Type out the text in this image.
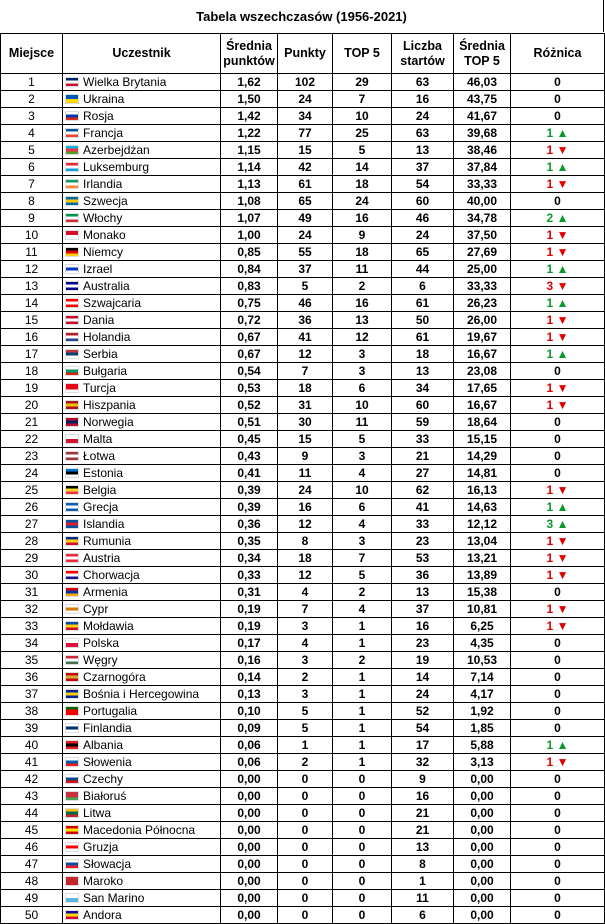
Tabela wszechczasów (1956-2021)
Miejsce	Uczestnik	Średnia punktów	Punkty	TOP 5	Liczba startów	Średnia TOP 5	Różnica
1	Wielka Brytania	1,62	102	29	63	46,03	0
2	Ukraina	1,50	24	7	16	43,75	0
3	Rosja	1,42	34	10	24	41,67	0
4	Francja	1,22	77	25	63	39,68	1 ▲
5	Azerbejdżan	1,15	15	5	13	38,46	1 ▼
6	Luksemburg	1,14	42	14	37	37,84	1 ▲
7	Irlandia	1,13	61	18	54	33,33	1 ▼
8	Szwecja	1,08	65	24	60	40,00	0
9	Włochy	1,07	49	16	46	34,78	2 ▲
10	Monako	1,00	24	9	24	37,50	1 ▼
11	Niemcy	0,85	55	18	65	27,69	1 ▼
12	Izrael	0,84	37	11	44	25,00	1 ▲
13	Australia	0,83	5	2	6	33,33	3 ▼
14	Szwajcaria	0,75	46	16	61	26,23	1 ▲
15	Dania	0,72	36	13	50	26,00	1 ▼
16	Holandia	0,67	41	12	61	19,67	1 ▼
17	Serbia	0,67	12	3	18	16,67	1 ▲
18	Bułgaria	0,54	7	3	13	23,08	0
19	Turcja	0,53	18	6	34	17,65	1 ▼
20	Hiszpania	0,52	31	10	60	16,67	1 ▼
21	Norwegia	0,51	30	11	59	18,64	0
22	Malta	0,45	15	5	33	15,15	0
23	Łotwa	0,43	9	3	21	14,29	0
24	Estonia	0,41	11	4	27	14,81	0
25	Belgia	0,39	24	10	62	16,13	1 ▼
26	Grecja	0,39	16	6	41	14,63	1 ▲
27	Islandia	0,36	12	4	33	12,12	3 ▲
28	Rumunia	0,35	8	3	23	13,04	1 ▼
29	Austria	0,34	18	7	53	13,21	1 ▼
30	Chorwacja	0,33	12	5	36	13,89	1 ▼
31	Armenia	0,31	4	2	13	15,38	0
32	Cypr	0,19	7	4	37	10,81	1 ▼
33	Mołdawia	0,19	3	1	16	6,25	1 ▼
34	Polska	0,17	4	1	23	4,35	0
35	Węgry	0,16	3	2	19	10,53	0
36	Czarnogóra	0,14	2	1	14	7,14	0
37	Bośnia i Hercegowina	0,13	3	1	24	4,17	0
38	Portugalia	0,10	5	1	52	1,92	0
39	Finlandia	0,09	5	1	54	1,85	0
40	Albania	0,06	1	1	17	5,88	1 ▲
41	Słowenia	0,06	2	1	32	3,13	1 ▼
42	Czechy	0,00	0	0	9	0,00	0
43	Białoruś	0,00	0	0	16	0,00	0
44	Litwa	0,00	0	0	21	0,00	0
45	Macedonia Północna	0,00	0	0	21	0,00	0
46	Gruzja	0,00	0	0	13	0,00	0
47	Słowacja	0,00	0	0	8	0,00	0
48	Maroko	0,00	0	0	1	0,00	0
49	San Marino	0,00	0	0	11	0,00	0
50	Andora	0,00	0	0	6	0,00	0
